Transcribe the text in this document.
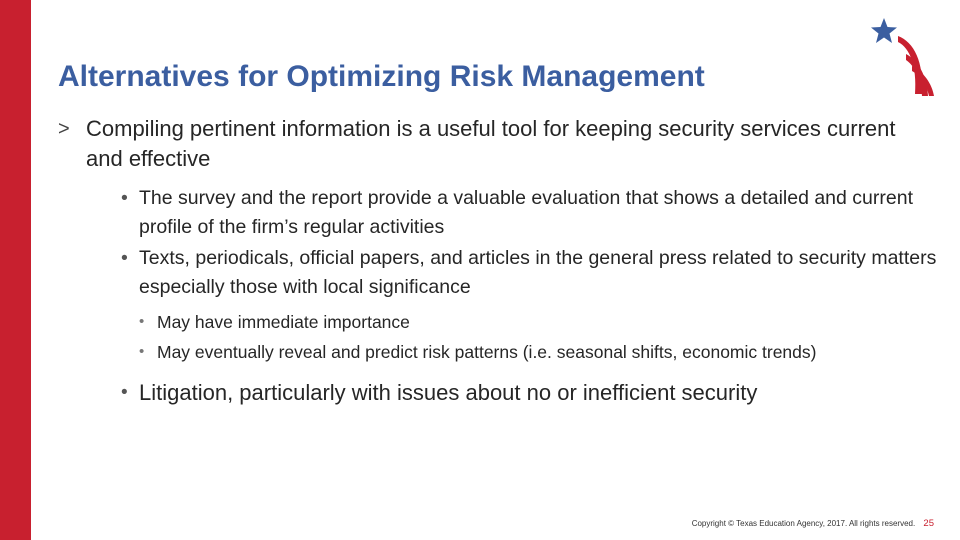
Alternatives for Optimizing Risk Management
> Compiling pertinent information is a useful tool for keeping security services current and effective
• The survey and the report provide a valuable evaluation that shows a detailed and current profile of the firm’s regular activities
• Texts, periodicals, official papers, and articles in the general press related to security matters especially those with local significance
• May have immediate importance
• May eventually reveal and predict risk patterns (i.e. seasonal shifts, economic trends)
• Litigation, particularly with issues about no or inefficient security
Copyright © Texas Education Agency, 2017. All rights reserved. 25
